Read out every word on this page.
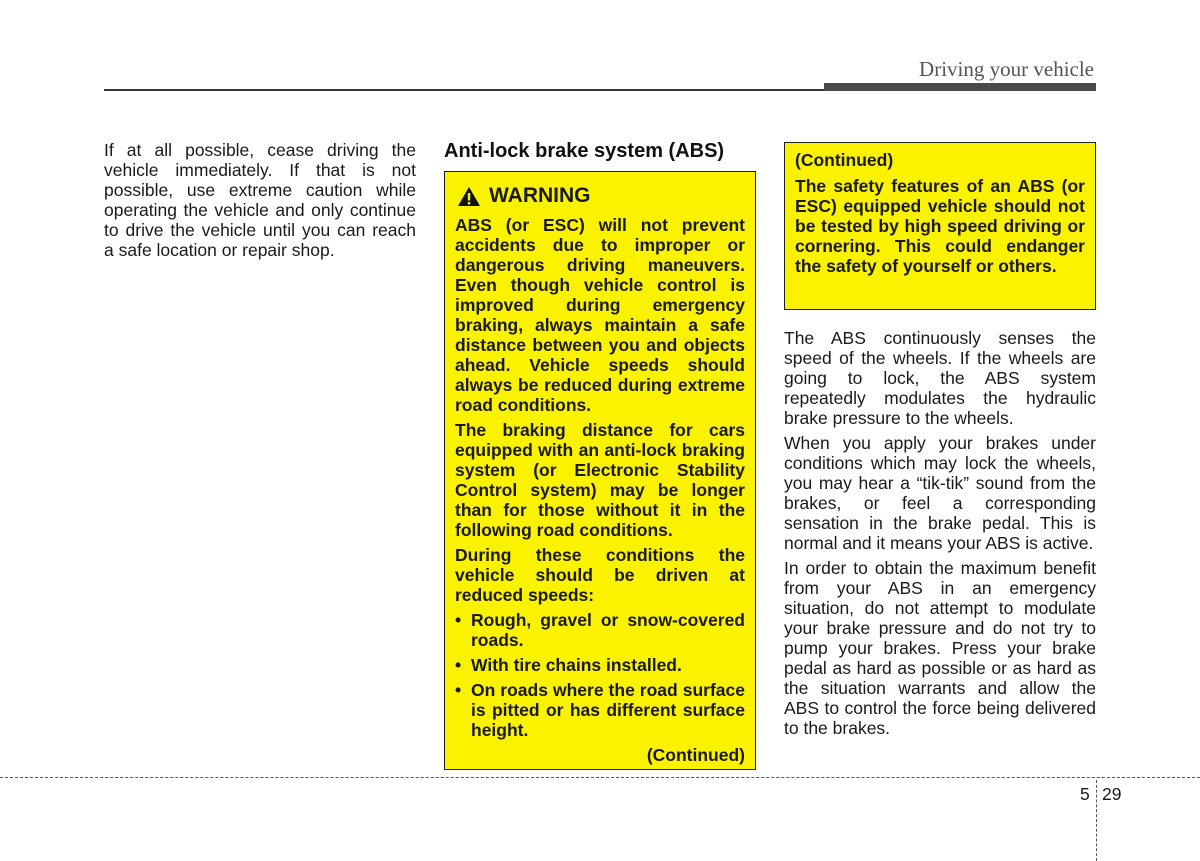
Driving your vehicle
If at all possible, cease driving the vehicle immediately. If that is not possible, use extreme caution while operating the vehicle and only continue to drive the vehicle until you can reach a safe location or repair shop.
Anti-lock brake system (ABS)
WARNING

ABS (or ESC) will not prevent accidents due to improper or dangerous driving maneuvers. Even though vehicle control is improved during emergency braking, always maintain a safe distance between you and objects ahead. Vehicle speeds should always be reduced during extreme road conditions.

The braking distance for cars equipped with an anti-lock braking system (or Electronic Stability Control system) may be longer than for those without it in the following road conditions.

During these conditions the vehicle should be driven at reduced speeds:

• Rough, gravel or snow-covered roads.
• With tire chains installed.
• On roads where the road surface is pitted or has different surface height.
(Continued)
(Continued)

The safety features of an ABS (or ESC) equipped vehicle should not be tested by high speed driving or cornering. This could endanger the safety of yourself or others.

The ABS continuously senses the speed of the wheels. If the wheels are going to lock, the ABS system repeatedly modulates the hydraulic brake pressure to the wheels.

When you apply your brakes under conditions which may lock the wheels, you may hear a “tik-tik” sound from the brakes, or feel a corresponding sensation in the brake pedal. This is normal and it means your ABS is active.

In order to obtain the maximum benefit from your ABS in an emergency situation, do not attempt to modulate your brake pressure and do not try to pump your brakes. Press your brake pedal as hard as possible or as hard as the situation warrants and allow the ABS to control the force being delivered to the brakes.

5 29
